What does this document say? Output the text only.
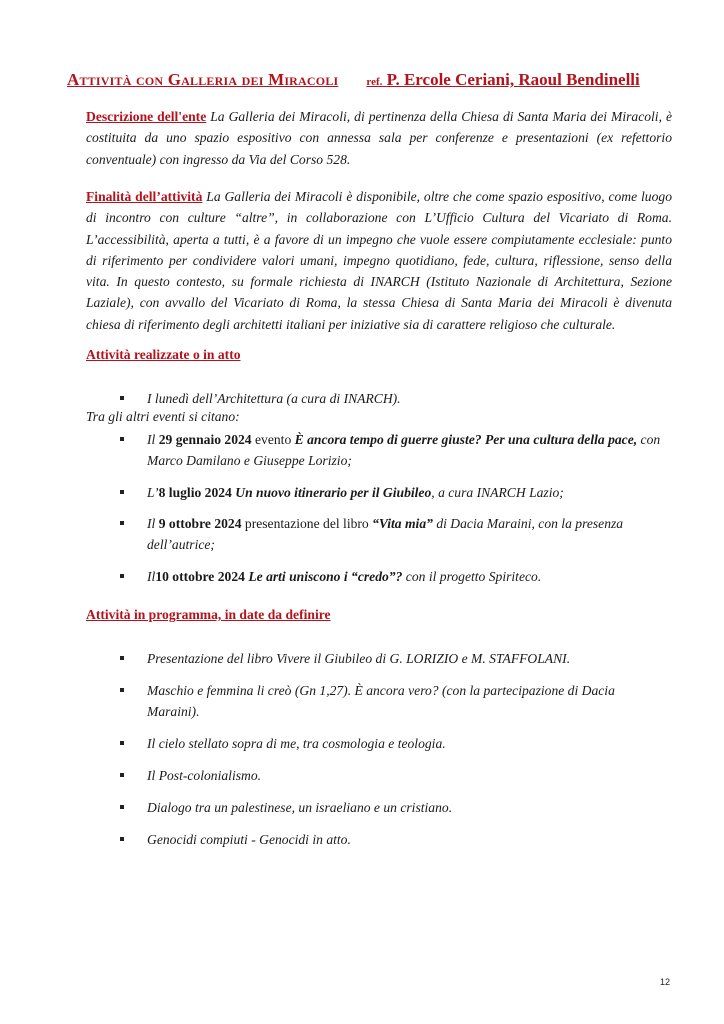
Attività con Galleria dei Miracoli	ref. P. Ercole Ceriani, Raoul Bendinelli
Descrizione dell'ente La Galleria dei Miracoli, di pertinenza della Chiesa di Santa Maria dei Miracoli, è costituita da uno spazio espositivo con annessa sala per conferenze e presentazioni (ex refettorio conventuale) con ingresso da Via del Corso 528.
Finalità dell’attività La Galleria dei Miracoli è disponibile, oltre che come spazio espositivo, come luogo di incontro con culture “altre”, in collaborazione con L’Ufficio Cultura del Vicariato di Roma. L’accessibilità, aperta a tutti, è a favore di un impegno che vuole essere compiutamente ecclesiale: punto di riferimento per condividere valori umani, impegno quotidiano, fede, cultura, riflessione, senso della vita. In questo contesto, su formale richiesta di INARCH (Istituto Nazionale di Architettura, Sezione Laziale), con avvallo del Vicariato di Roma, la stessa Chiesa di Santa Maria dei Miracoli è divenuta chiesa di riferimento degli architetti italiani per iniziative sia di carattere religioso che culturale.
Attività realizzate o in atto
I lunedì dell’Architettura (a cura di INARCH).
Tra gli altri eventi si citano:
Il 29 gennaio 2024 evento È ancora tempo di guerre giuste? Per una cultura della pace, con Marco Damilano e Giuseppe Lorizio;
L’8 luglio 2024 Un nuovo itinerario per il Giubileo, a cura INARCH Lazio;
Il 9 ottobre 2024 presentazione del libro “Vita mia” di Dacia Maraini, con la presenza dell’autrice;
Il10 ottobre 2024 Le arti uniscono i “credo”? con il progetto Spiriteco.
Attività in programma, in date da definire
Presentazione del libro Vivere il Giubileo di G. LORIZIO e M. STAFFOLANI.
Maschio e femmina li creò (Gn 1,27). È ancora vero? (con la partecipazione di Dacia Maraini).
Il cielo stellato sopra di me, tra cosmologia e teologia.
Il Post-colonialismo.
Dialogo tra un palestinese, un israeliano e un cristiano.
Genocidi compiuti - Genocidi in atto.
12
